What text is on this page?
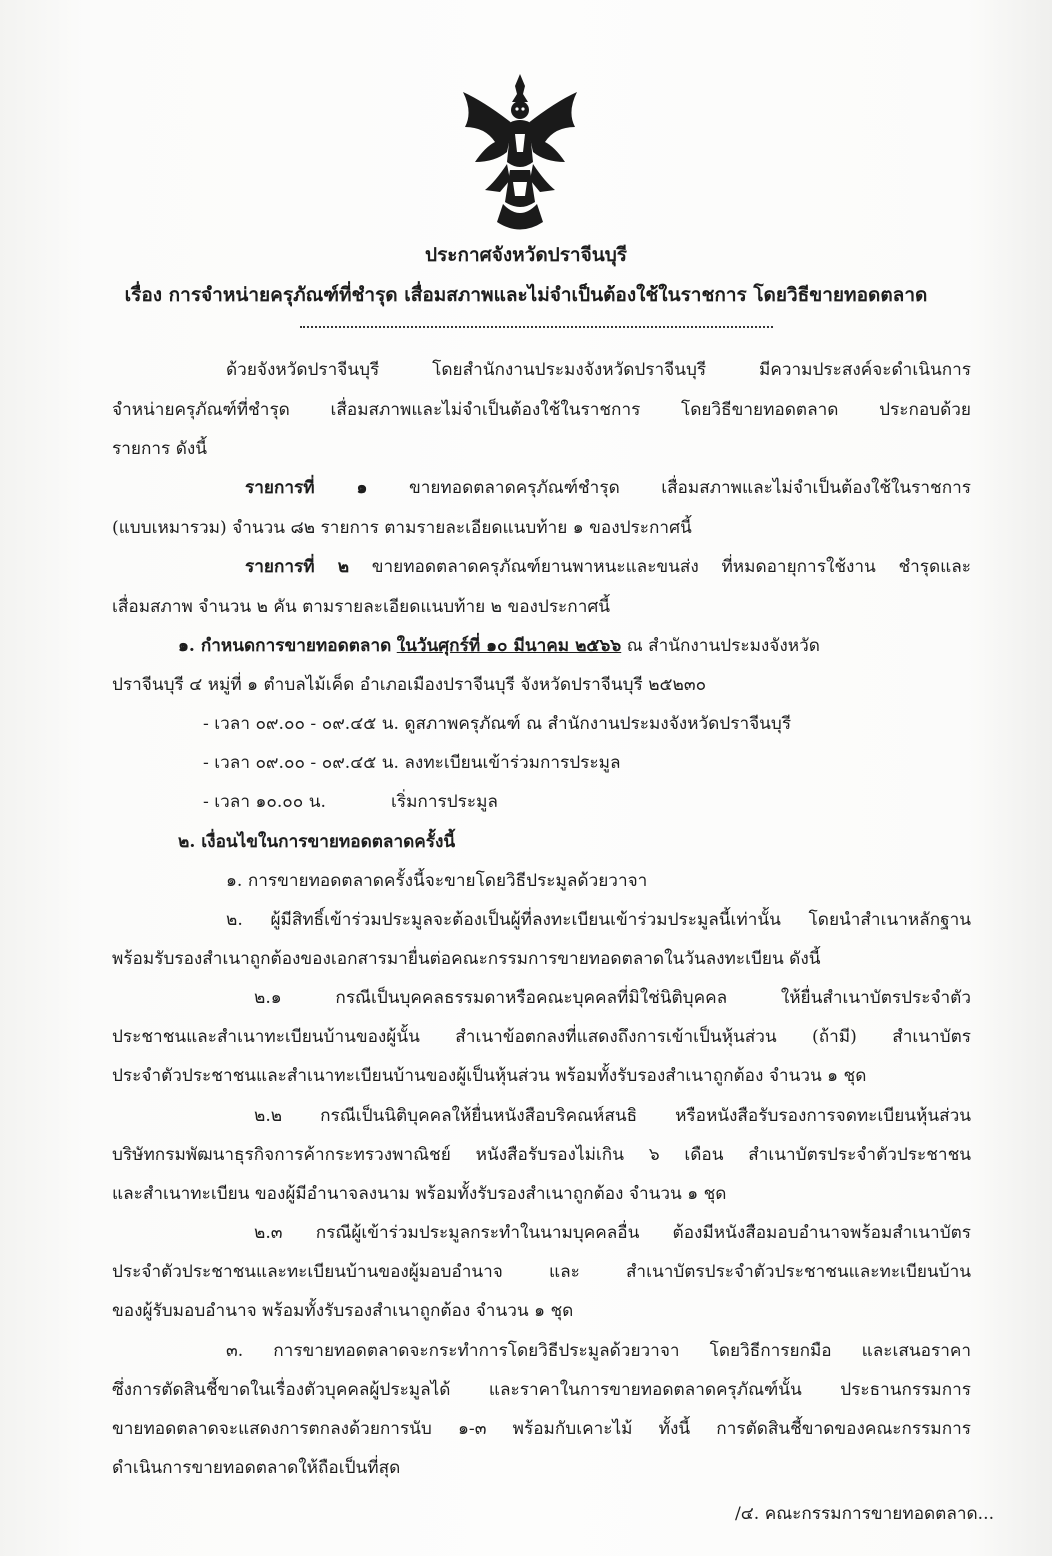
ประกาศจังหวัดปราจีนบุรี
เรื่อง การจำหน่ายครุภัณฑ์ที่ชำรุด เสื่อมสภาพและไม่จำเป็นต้องใช้ในราชการ โดยวิธีขายทอดตลาด
ด้วยจังหวัดปราจีนบุรี โดยสำนักงานประมงจังหวัดปราจีนบุรี มีความประสงค์จะดำเนินการ
จำหน่ายครุภัณฑ์ที่ชำรุด เสื่อมสภาพและไม่จำเป็นต้องใช้ในราชการ โดยวิธีขายทอดตลาด ประกอบด้วย
รายการ ดังนี้
รายการที่ ๑ ขายทอดตลาดครุภัณฑ์ชำรุด เสื่อมสภาพและไม่จำเป็นต้องใช้ในราชการ
(แบบเหมารวม) จำนวน ๘๒ รายการ ตามรายละเอียดแนบท้าย ๑ ของประกาศนี้
รายการที่ ๒ ขายทอดตลาดครุภัณฑ์ยานพาหนะและขนส่ง ที่หมดอายุการใช้งาน ชำรุดและ
เสื่อมสภาพ จำนวน ๒ คัน ตามรายละเอียดแนบท้าย ๒ ของประกาศนี้
๑. กำหนดการขายทอดตลาด ในวันศุกร์ที่ ๑๐ มีนาคม ๒๕๖๖ ณ สำนักงานประมงจังหวัด
ปราจีนบุรี ๔ หมู่ที่ ๑ ตำบลไม้เค็ด อำเภอเมืองปราจีนบุรี จังหวัดปราจีนบุรี ๒๕๒๓๐
- เวลา ๐๙.๐๐ - ๐๙.๔๕ น. ดูสภาพครุภัณฑ์ ณ สำนักงานประมงจังหวัดปราจีนบุรี
- เวลา ๐๙.๐๐ - ๐๙.๔๕ น. ลงทะเบียนเข้าร่วมการประมูล
- เวลา ๑๐.๐๐ น.	เริ่มการประมูล
๒. เงื่อนไขในการขายทอดตลาดครั้งนี้
๑. การขายทอดตลาดครั้งนี้จะขายโดยวิธีประมูลด้วยวาจา
๒. ผู้มีสิทธิ์เข้าร่วมประมูลจะต้องเป็นผู้ที่ลงทะเบียนเข้าร่วมประมูลนี้เท่านั้น โดยนำสำเนาหลักฐาน
พร้อมรับรองสำเนาถูกต้องของเอกสารมายื่นต่อคณะกรรมการขายทอดตลาดในวันลงทะเบียน ดังนี้
๒.๑ กรณีเป็นบุคคลธรรมดาหรือคณะบุคคลที่มิใช่นิติบุคคล ให้ยื่นสำเนาบัตรประจำตัว
ประชาชนและสำเนาทะเบียนบ้านของผู้นั้น สำเนาข้อตกลงที่แสดงถึงการเข้าเป็นหุ้นส่วน (ถ้ามี) สำเนาบัตร
ประจำตัวประชาชนและสำเนาทะเบียนบ้านของผู้เป็นหุ้นส่วน พร้อมทั้งรับรองสำเนาถูกต้อง จำนวน ๑ ชุด
๒.๒ กรณีเป็นนิติบุคคลให้ยื่นหนังสือบริคณห์สนธิ หรือหนังสือรับรองการจดทะเบียนหุ้นส่วน
บริษัทกรมพัฒนาธุรกิจการค้ากระทรวงพาณิชย์ หนังสือรับรองไม่เกิน ๖ เดือน สำเนาบัตรประจำตัวประชาชน
และสำเนาทะเบียน ของผู้มีอำนาจลงนาม พร้อมทั้งรับรองสำเนาถูกต้อง จำนวน ๑ ชุด
๒.๓ กรณีผู้เข้าร่วมประมูลกระทำในนามบุคคลอื่น ต้องมีหนังสือมอบอำนาจพร้อมสำเนาบัตร
ประจำตัวประชาชนและทะเบียนบ้านของผู้มอบอำนาจ และ สำเนาบัตรประจำตัวประชาชนและทะเบียนบ้าน
ของผู้รับมอบอำนาจ พร้อมทั้งรับรองสำเนาถูกต้อง จำนวน ๑ ชุด
๓. การขายทอดตลาดจะกระทำการโดยวิธีประมูลด้วยวาจา โดยวิธีการยกมือ และเสนอราคา
ซึ่งการตัดสินชี้ขาดในเรื่องตัวบุคคลผู้ประมูลได้ และราคาในการขายทอดตลาดครุภัณฑ์นั้น ประธานกรรมการ
ขายทอดตลาดจะแสดงการตกลงด้วยการนับ ๑-๓ พร้อมกับเคาะไม้ ทั้งนี้ การตัดสินชี้ขาดของคณะกรรมการ
ดำเนินการขายทอดตลาดให้ถือเป็นที่สุด
/๔. คณะกรรมการขายทอดตลาด...
